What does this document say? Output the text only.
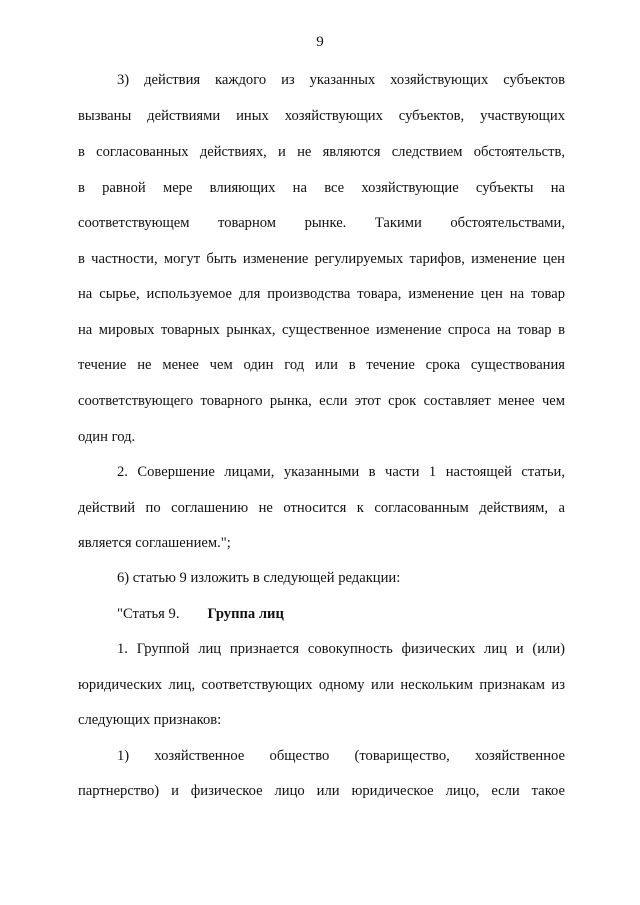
9
3) действия каждого из указанных хозяйствующих субъектов
вызваны действиями иных хозяйствующих субъектов, участвующих
в согласованных действиях, и не являются следствием обстоятельств,
в равной мере влияющих на все хозяйствующие субъекты на
соответствующем товарном рынке. Такими обстоятельствами,
в частности, могут быть изменение регулируемых тарифов, изменение цен
на сырье, используемое для производства товара, изменение цен на товар
на мировых товарных рынках, существенное изменение спроса на товар в
течение не менее чем один год или в течение срока существования
соответствующего товарного рынка, если этот срок составляет менее чем
один год.
2. Совершение лицами, указанными в части 1 настоящей статьи,
действий по соглашению не относится к согласованным действиям, а
является соглашением.";
6) статью 9 изложить в следующей редакции:
"Статья 9. Группа лиц
1. Группой лиц признается совокупность физических лиц и (или)
юридических лиц, соответствующих одному или нескольким признакам из
следующих признаков:
1) хозяйственное общество (товарищество, хозяйственное
партнерство) и физическое лицо или юридическое лицо, если такое
